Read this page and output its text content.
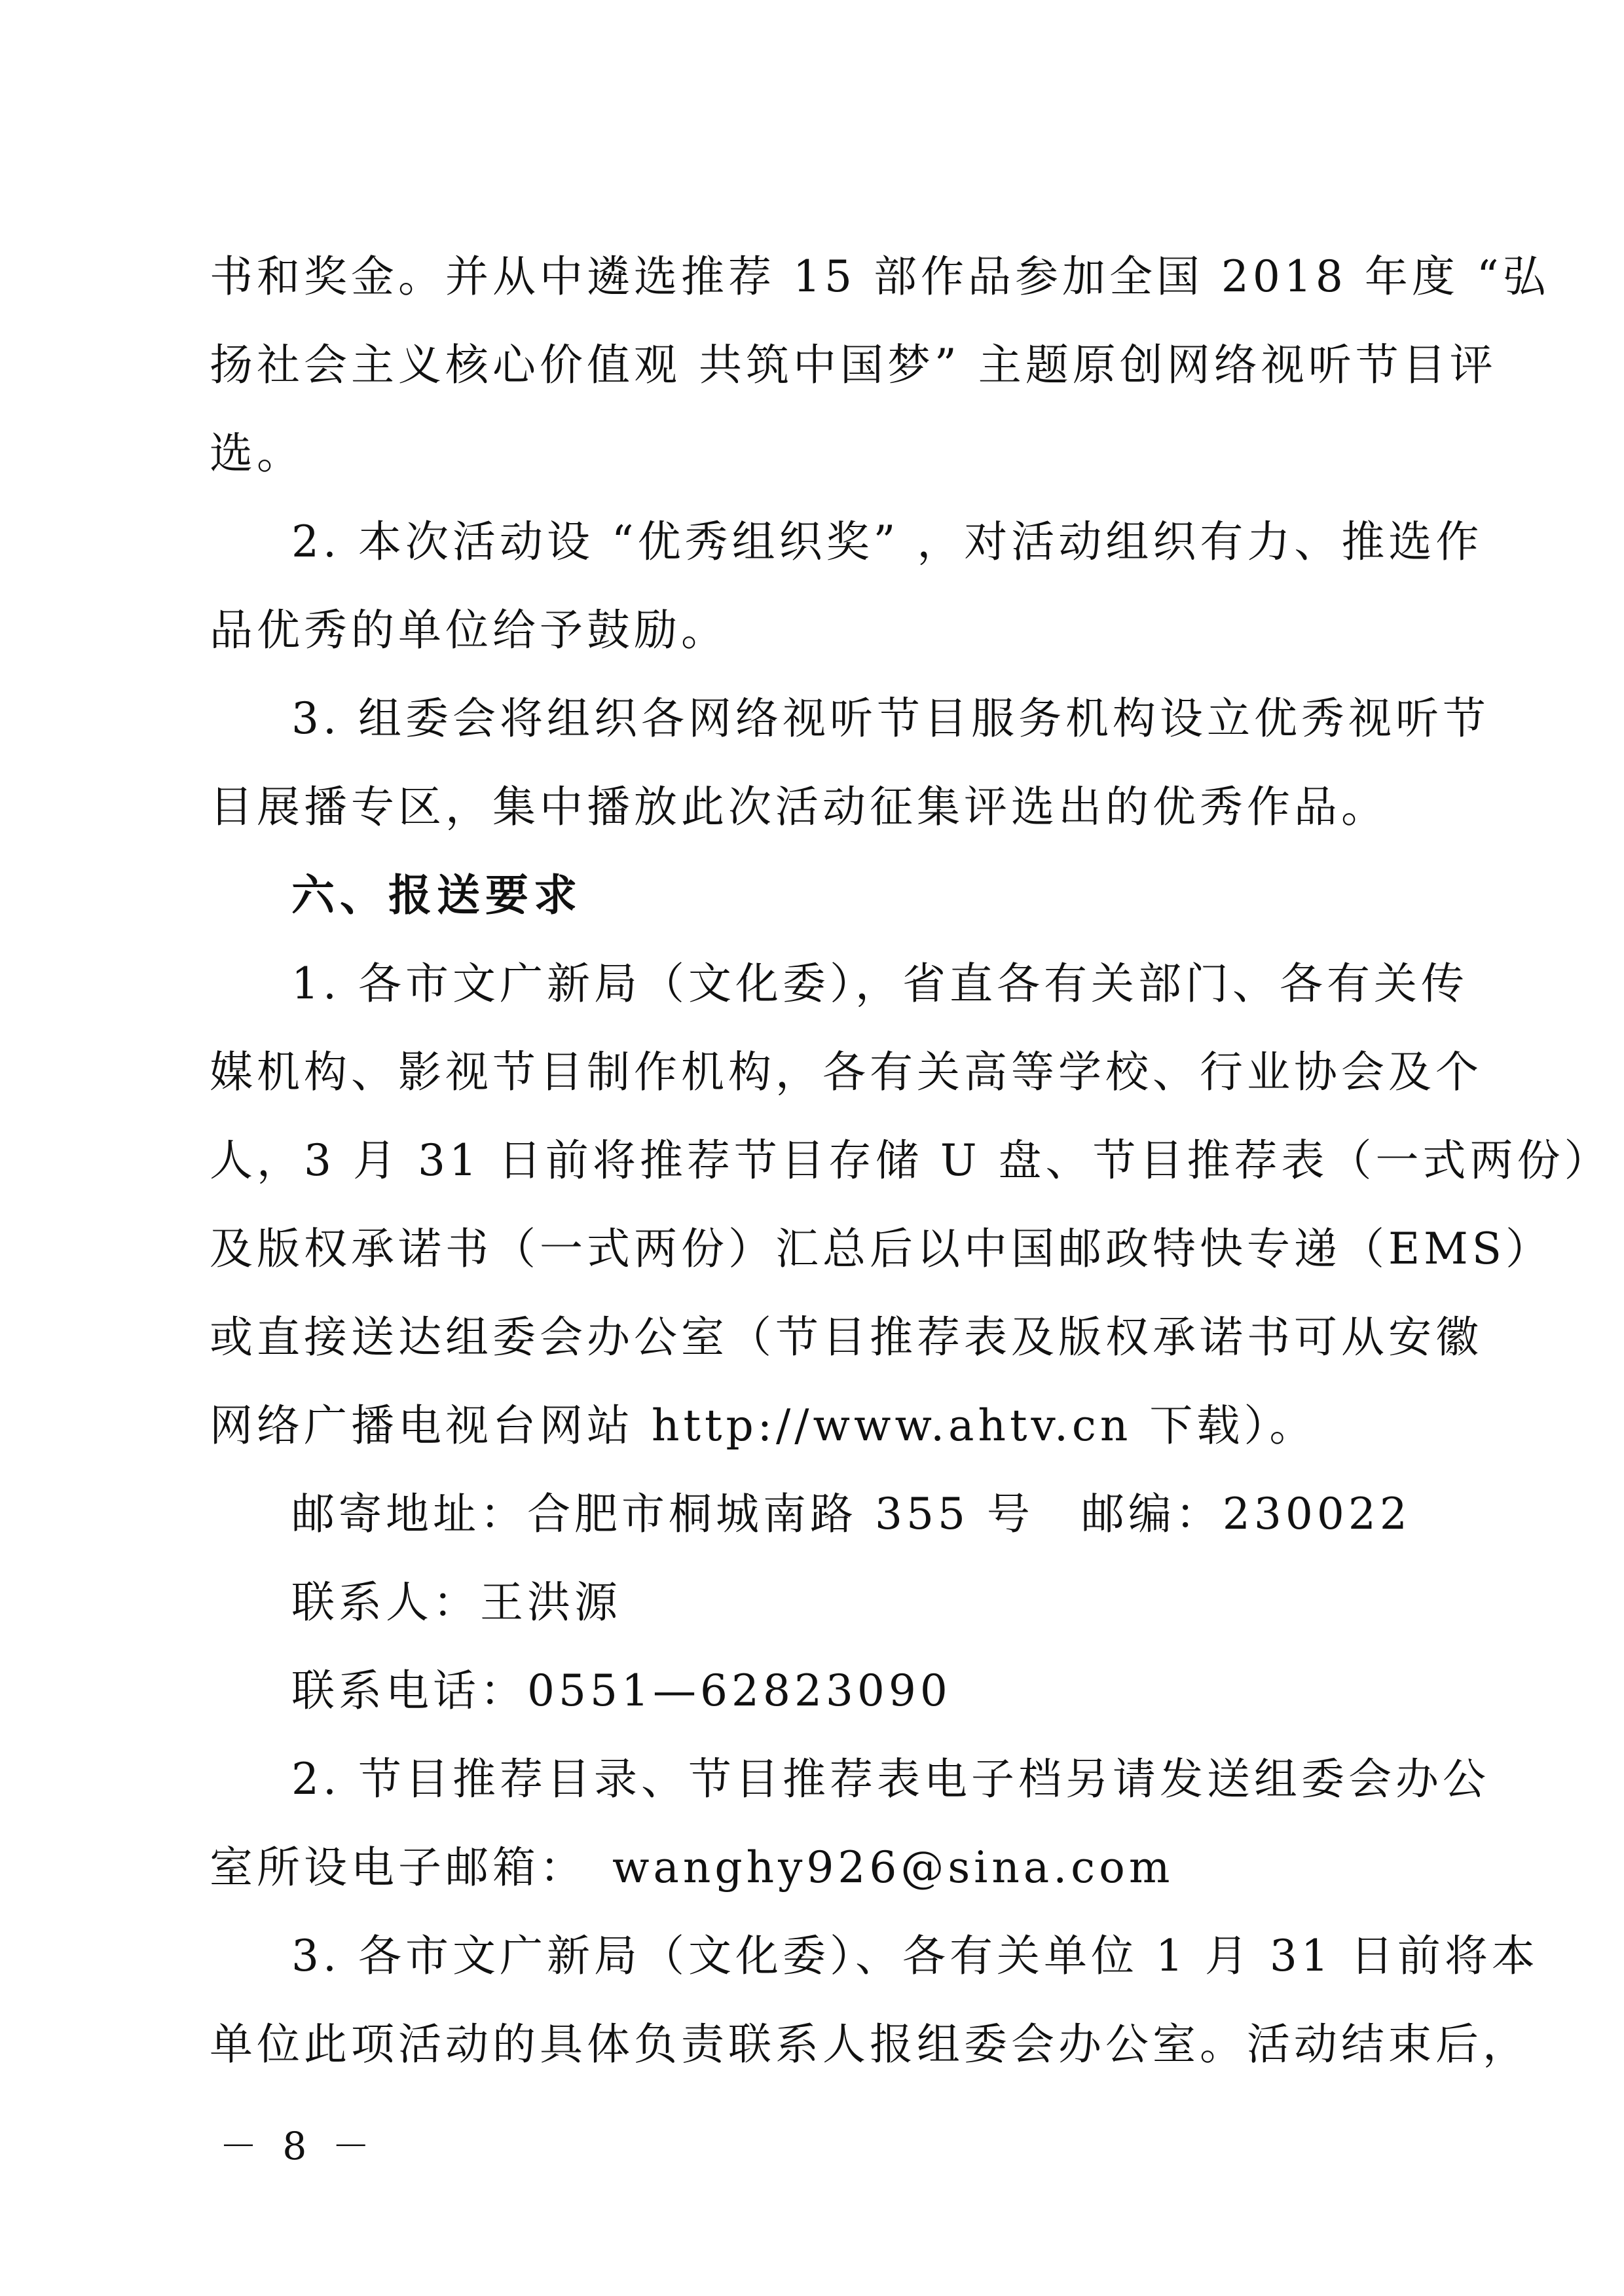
书和奖金。并从中遴选推荐 15 部作品参加全国 2018 年度 “弘
扬社会主义核心价值观 共筑中国梦” 主题原创网络视听节目评
选。
2. 本次活动设 “优秀组织奖” ，对活动组织有力、推选作
品优秀的单位给予鼓励。
3. 组委会将组织各网络视听节目服务机构设立优秀视听节
目展播专区，集中播放此次活动征集评选出的优秀作品。
六、报送要求
1. 各市文广新局（文化委），省直各有关部门、各有关传
媒机构、影视节目制作机构，各有关高等学校、行业协会及个
人，3 月 31 日前将推荐节目存储 U 盘、节目推荐表（一式两份）
及版权承诺书（一式两份）汇总后以中国邮政特快专递（EMS）
或直接送达组委会办公室（节目推荐表及版权承诺书可从安徽
网络广播电视台网站 http://www.ahtv.cn 下载）。
邮寄地址：合肥市桐城南路 355 号　邮编：230022
联系人：王洪源
联系电话：0551—62823090
2. 节目推荐目录、节目推荐表电子档另请发送组委会办公
室所设电子邮箱：　wanghy926@sina.com
3. 各市文广新局（文化委）、各有关单位 1 月 31 日前将本
单位此项活动的具体负责联系人报组委会办公室。活动结束后，
－ 8 －
